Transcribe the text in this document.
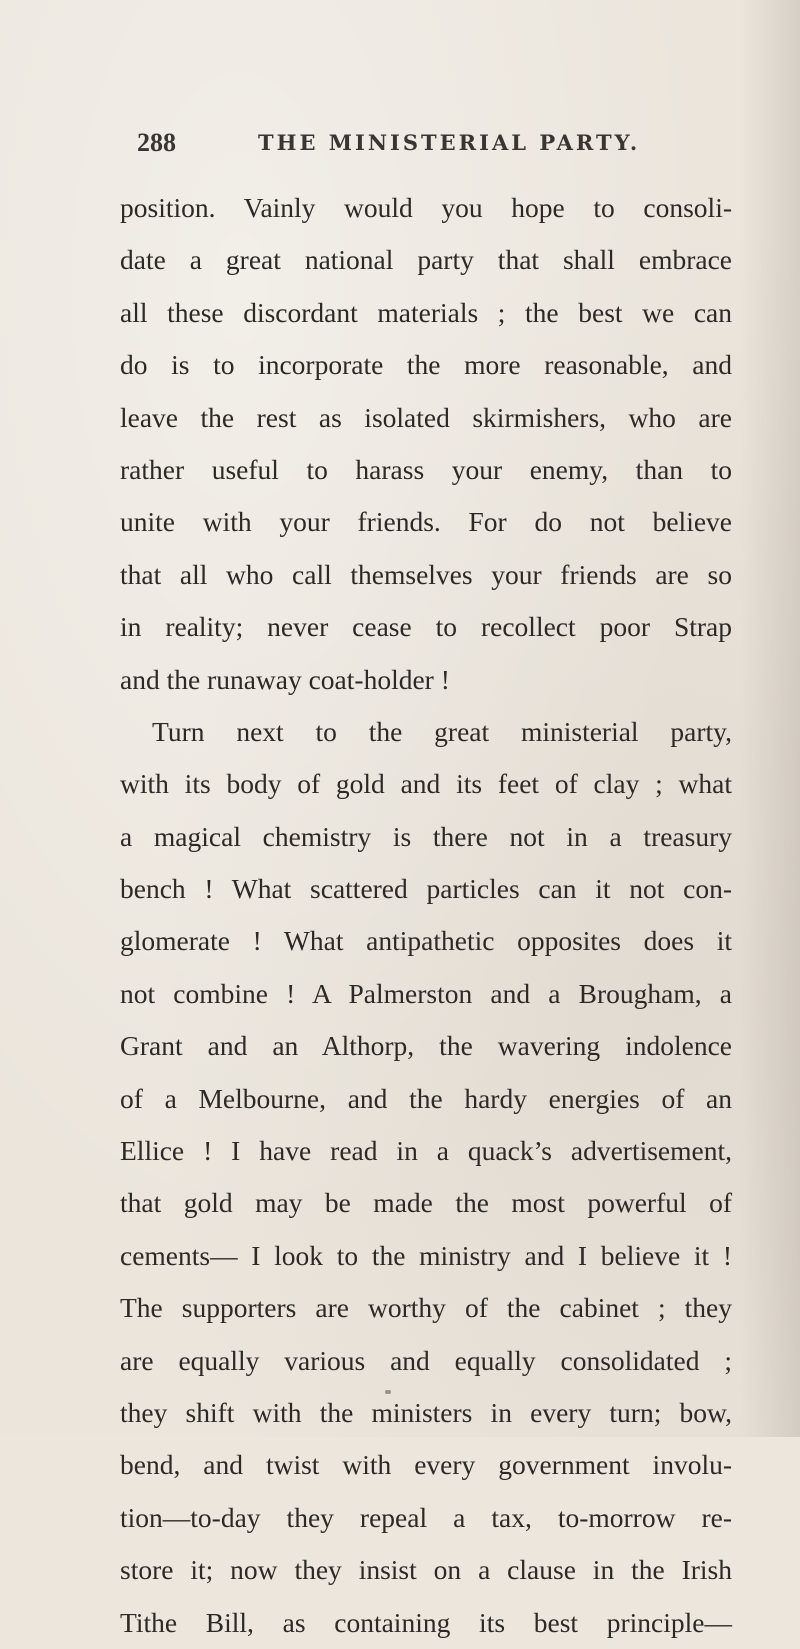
288	THE MINISTERIAL PARTY.
position. Vainly would you hope to consoli-
date a great national party that shall embrace
all these discordant materials ; the best we can
do is to incorporate the more reasonable, and
leave the rest as isolated skirmishers, who are
rather useful to harass your enemy, than to
unite with your friends. For do not believe
that all who call themselves your friends are so
in reality; never cease to recollect poor Strap
and the runaway coat-holder !
Turn next to the great ministerial party,
with its body of gold and its feet of clay ; what
a magical chemistry is there not in a treasury
bench ! What scattered particles can it not con-
glomerate ! What antipathetic opposites does it
not combine ! A Palmerston and a Brougham, a
Grant and an Althorp, the wavering indolence
of a Melbourne, and the hardy energies of an
Ellice ! I have read in a quack’s advertisement,
that gold may be made the most powerful of
cements— I look to the ministry and I believe it !
The supporters are worthy of the cabinet ; they
are equally various and equally consolidated ;
they shift with the ministers in every turn; bow,
bend, and twist with every government involu-
tion—to-day they repeal a tax, to-morrow re-
store it; now they insist on a clause in the Irish
Tithe Bill, as containing its best principle—
